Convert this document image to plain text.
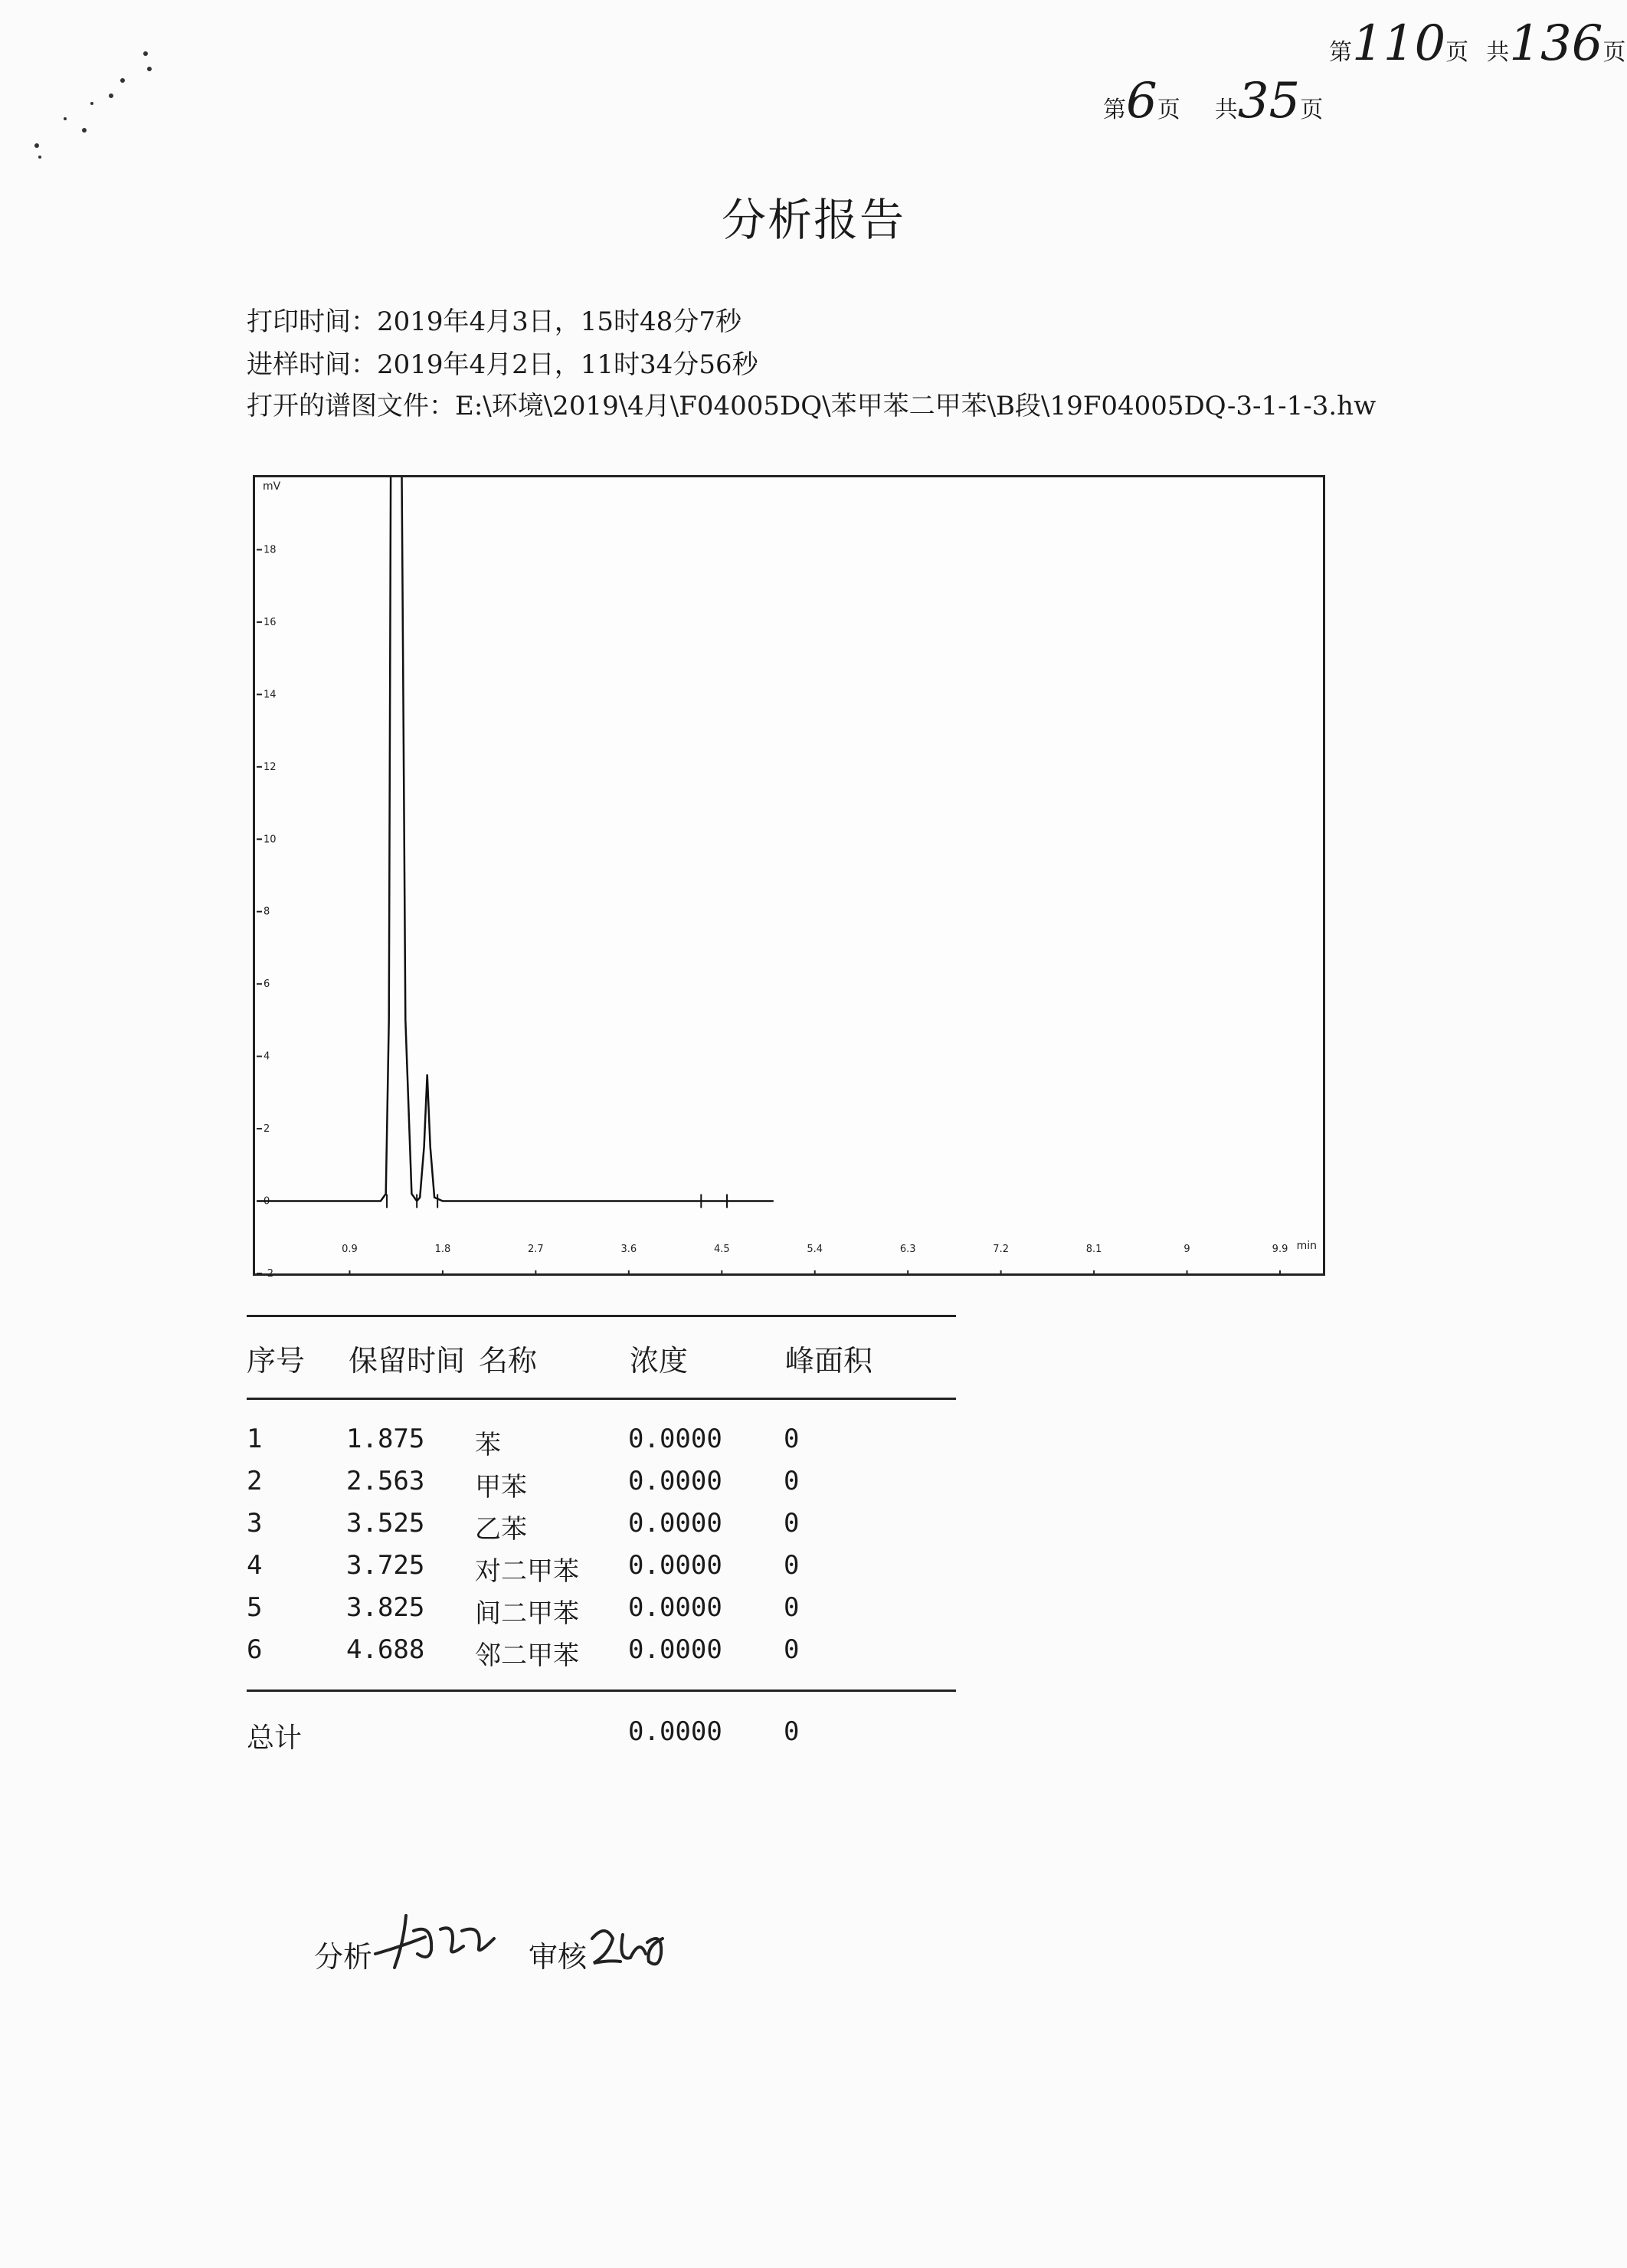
第110页 共136页
第6页 共35页
分析报告
打印时间：2019年4月3日，15时48分7秒
进样时间：2019年4月2日，11时34分56秒
打开的谱图文件：E:\环境\2019\4月\F04005DQ\苯甲苯二甲苯\B段\19F04005DQ-3-1-1-3.hw
-2
0
2
4
6
8
10
12
14
16
18
mV
0.9	1.8	2.7	3.6	4.5	5.4	6.3	7.2	8.1	9	9.9 min
序号 保留时间 名称	浓度	峰面积
1	1.875 苯	0.0000 0
2	2.563 甲苯	0.0000 0
3	3.525 乙苯	0.0000 0
4	3.725 对二甲苯 0.0000 0
5	3.825 间二甲苯 0.0000 0
6	4.688 邻二甲苯 0.0000 0
总计	0.0000 0
分析	审核
